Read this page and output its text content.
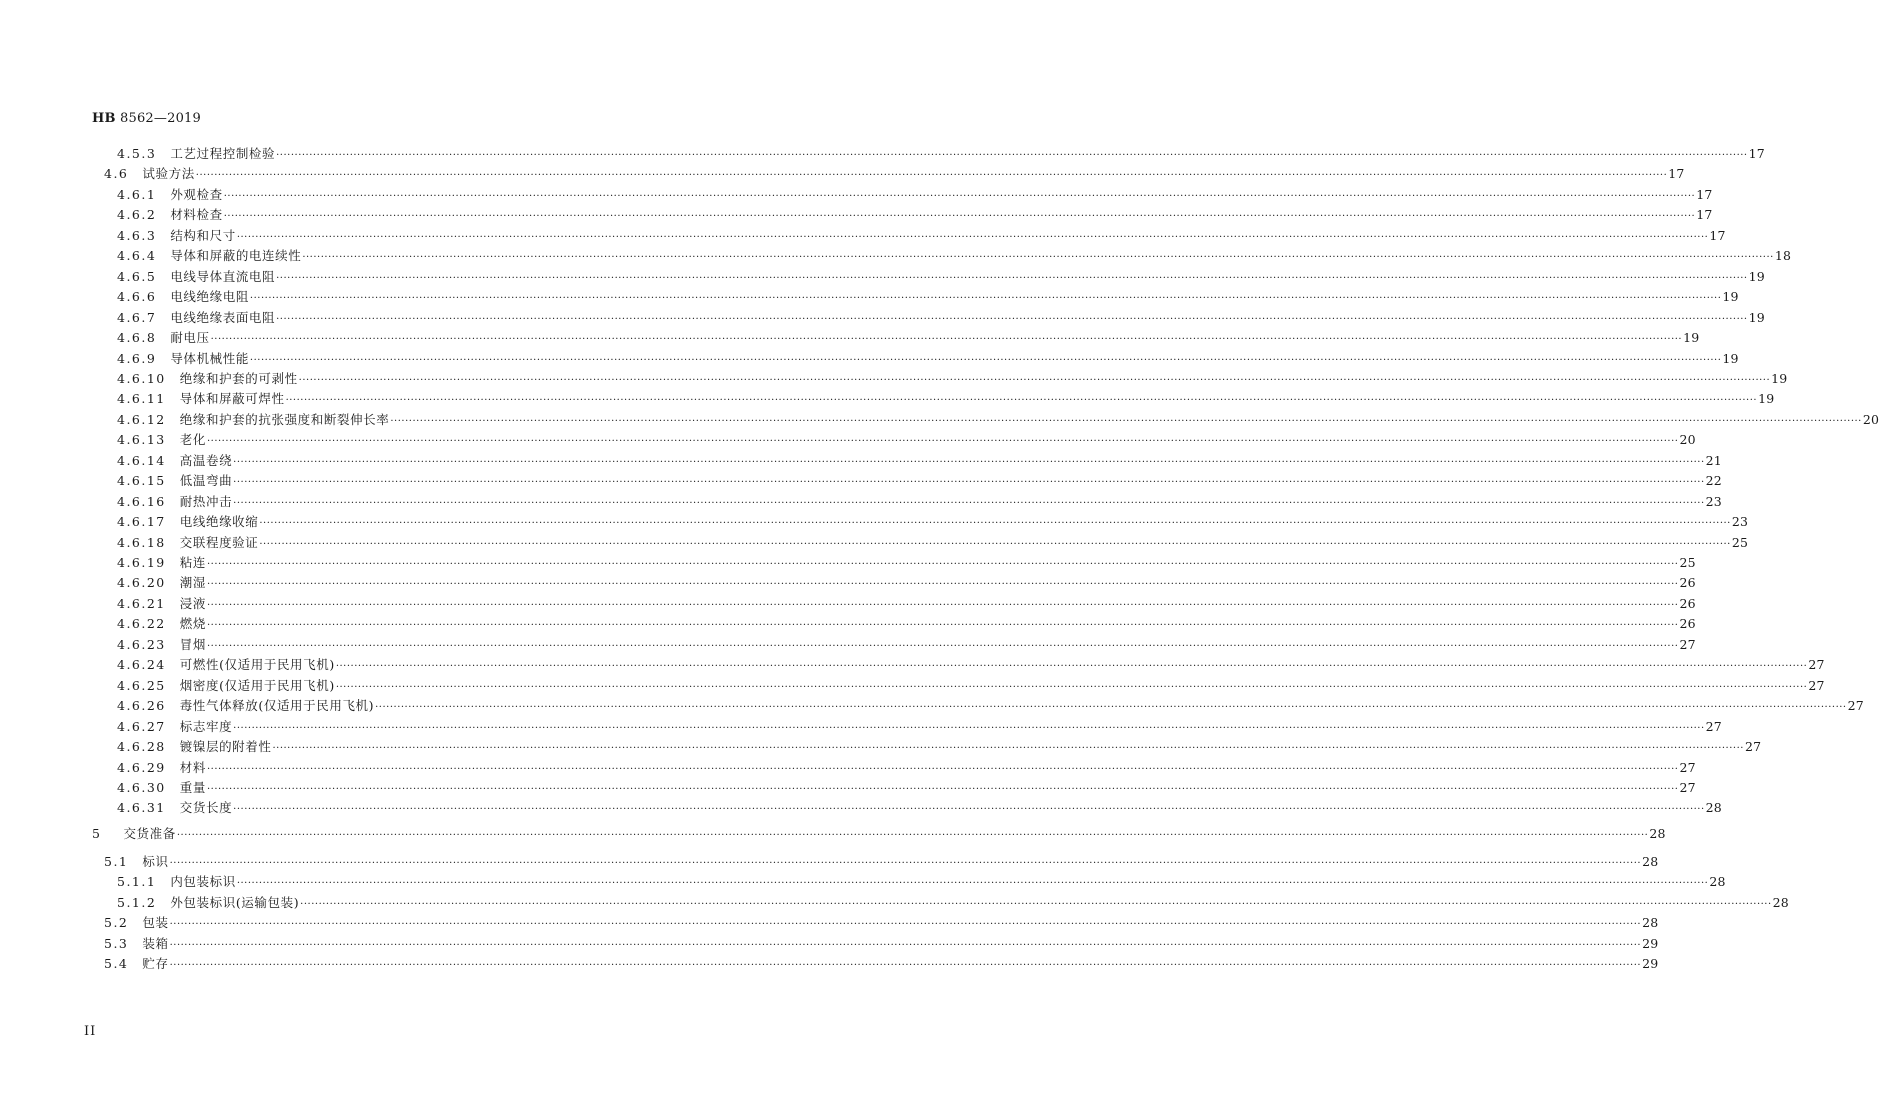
HB 8562—2019
4.5.3	工艺过程控制检验 ················································································································································································································································································································································································································ 17
4.6	试验方法 ················································································································································································································································································································································································································ 17
4.6.1	外观检查 ················································································································································································································································································································································································································ 17
4.6.2	材料检查 ················································································································································································································································································································································································································ 17
4.6.3	结构和尺寸 ················································································································································································································································································································································································································ 17
4.6.4	导体和屏蔽的电连续性 ················································································································································································································································································································································································································ 18
4.6.5	电线导体直流电阻 ················································································································································································································································································································································································································ 19
4.6.6	电线绝缘电阻 ················································································································································································································································································································································································································ 19
4.6.7	电线绝缘表面电阻 ················································································································································································································································································································································································································ 19
4.6.8	耐电压 ················································································································································································································································································································································································································ 19
4.6.9	导体机械性能 ················································································································································································································································································································································································································ 19
4.6.10	绝缘和护套的可剥性 ················································································································································································································································································································································································································ 19
4.6.11	导体和屏蔽可焊性 ················································································································································································································································································································································································································ 19
4.6.12	绝缘和护套的抗张强度和断裂伸长率 ················································································································································································································································································································································································································ 20
4.6.13	老化 ················································································································································································································································································································································································································ 20
4.6.14	高温卷绕 ················································································································································································································································································································································································································ 21
4.6.15	低温弯曲 ················································································································································································································································································································································································································ 22
4.6.16	耐热冲击 ················································································································································································································································································································································································································ 23
4.6.17	电线绝缘收缩 ················································································································································································································································································································································································································ 23
4.6.18	交联程度验证 ················································································································································································································································································································································································································ 25
4.6.19	粘连 ················································································································································································································································································································································································································ 25
4.6.20	潮湿 ················································································································································································································································································································································································································ 26
4.6.21	浸液 ················································································································································································································································································································································································································ 26
4.6.22	燃烧 ················································································································································································································································································································································································································ 26
4.6.23	冒烟 ················································································································································································································································································································································································································ 27
4.6.24	可燃性(仅适用于民用飞机) ················································································································································································································································································································································································································ 27
4.6.25	烟密度(仅适用于民用飞机) ················································································································································································································································································································································································································ 27
4.6.26	毒性气体释放(仅适用于民用飞机) ················································································································································································································································································································································································································ 27
4.6.27	标志牢度 ················································································································································································································································································································································································································ 27
4.6.28	镀镍层的附着性 ················································································································································································································································································································································································································ 27
4.6.29	材料 ················································································································································································································································································································································································································ 27
4.6.30	重量 ················································································································································································································································································································································································································ 27
4.6.31	交货长度 ················································································································································································································································································································································································································ 28
5	交货准备 ················································································································································································································································································································································································································ 28
5.1	标识 ················································································································································································································································································································································································································ 28
5.1.1	内包装标识 ················································································································································································································································································································································································································ 28
5.1.2	外包装标识(运输包装) ················································································································································································································································································································································································································ 28
5.2	包装 ················································································································································································································································································································································································································ 28
5.3	装箱 ················································································································································································································································································································································································································ 29
5.4	贮存 ················································································································································································································································································································································································································ 29
II
